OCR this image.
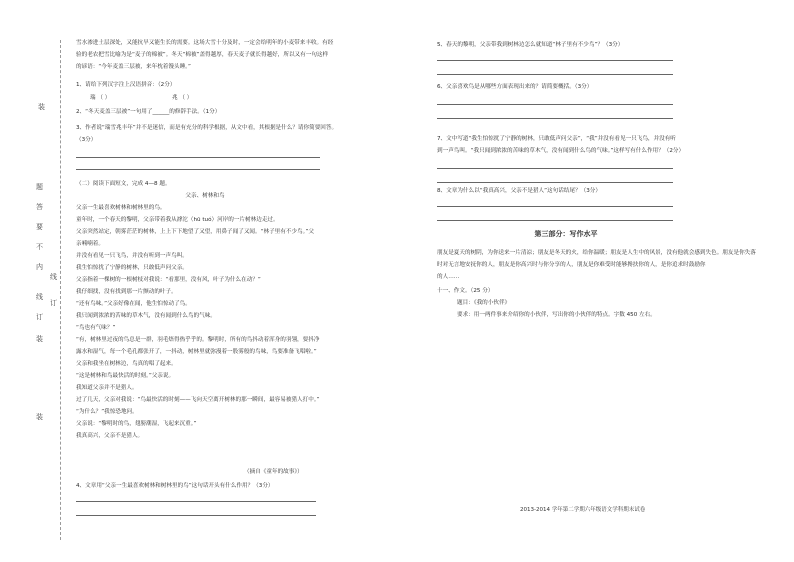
装
题
答
要
不
内
线
线
订
订
装
装
雪水渗进土层深处，又能抗旱又能生长的需要。这场大雪十分及时，一定会给明年的小麦带来丰收。有经
验的老农把雪比喻为是“麦子的棉被”。冬天“棉被”盖得越厚，春天麦子就长得越好，所以又有一句这样
的谚语：“今年麦盖三层被，来年枕着馒头睡。”
1、请给下列汉字注上汉语拼音：（2分）
瑞 （ ）	兆 （ ）
2、“冬天麦盖三层被”一句用了______的修辞手法。（1分）
3、作者说“瑞雪兆丰年”并不是迷信，而是有充分的科学根据，从文中看，其根据是什么？请你简要回答。
（3分）
（二）阅读下面短文，完成 4—8 题。
父亲、树林和鸟
父亲一生最喜欢树林和树林里的鸟。
童年时，一个春天的黎明，父亲带着我从滹沱（hū tuó）河岸的一片树林边走过。
父亲突然站定，朝雾茫茫的树林，上上下下地望了又望，用鼻子闻了又闻。“林子里有不少鸟。”父
亲喃喃着。
并没有看见一只飞鸟，并没有听到一声鸟叫。
我生怕惊扰了宁静的树林，只敢低声问父亲。
父亲指着一棵树的一根树枝对我说：“看那里，没有风，叶子为什么在动？”
我仔细找，没有找到那一片颤动的叶子。
“还有鸟味。”父亲好像在闻，他生怕惊动了鸟。
我只闻到浓浓的苦味的草木气，没有闻到什么鸟的气味。
“鸟也有气味？”
“有，树林里过夜的鸟总是一群，羽毛焐得热乎乎的。黎明时，所有的鸟抖动着浑身的羽翎，要抖净
露水和湿气，每一个毛孔都张开了，一抖动，树林里就弥漫着一股雾般的鸟味，鸟要准备飞唱啦。”
父亲和我坐在树林边，鸟真的唱了起来。
“这是树林和鸟最快活的时刻。”父亲说。
我知道父亲并不是猎人。
过了几天，父亲对我说：“鸟最快活的时刻——飞向天空离开树林的那一瞬间，最容易被猎人打中。”
“为什么？”我惊恐地问。
父亲说：“黎明时的鸟，翅膀潮湿，飞起来沉重。”
我真高兴，父亲不是猎人。
（摘自《童年的故事》）
4、文章用“父亲一生最喜欢树林和树林里的鸟”这句话开头有什么作用？（3分）
5、春天的黎明，父亲带我到树林边怎么就知道“林子里有不少鸟”？（3分）
6、父亲喜欢鸟是从哪些方面表现出来的？请简要概括。（3分）
7、文中写道“我生怕惊扰了宁静的树林，只敢低声问父亲”，“我”并没有看见一只飞鸟，并没有听
到一声鸟叫。“我只闻到浓浓的苦味的草木气，没有闻到什么鸟的气味。”这样写有什么作用？（2分）
8、文章为什么以“我真高兴，父亲不是猎人”这句话结尾？（3分）
第三部分：写作水平
朋友是夏天的树阴，为你送来一片清凉；朋友是冬天的火，给你温暖；朋友是人生中的风景，没有他就会感到失色。朋友是你失落
时对无言地安抚你的人，朋友是你高兴时与你分享的人，朋友是你难受时能够搀扶你的人，是你追求时鼓励你
的人……
十一、作文。（25 分）
题目：《我的小伙伴》
要求：用一两件事来介绍你的小伙伴，写出你的小伙伴的特点。字数 450 左右。
2013-2014 学年第二学期六年级语文学科期末试卷
